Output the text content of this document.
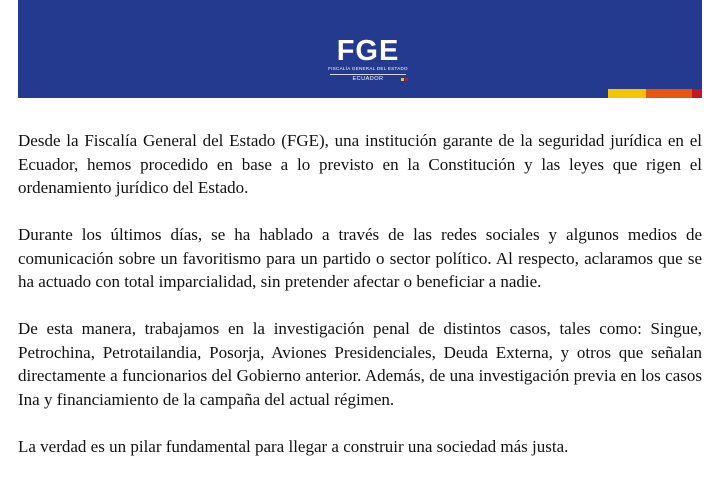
FGE
FISCALÍA GENERAL DEL ESTADO
ECUADOR

Desde la Fiscalía General del Estado (FGE), una institución garante de la seguridad jurídica en el Ecuador, hemos procedido en base a lo previsto en la Constitución y las leyes que rigen el ordenamiento jurídico del Estado.

Durante los últimos días, se ha hablado a través de las redes sociales y algunos medios de comunicación sobre un favoritismo para un partido o sector político. Al respecto, aclaramos que se ha actuado con total imparcialidad, sin pretender afectar o beneficiar a nadie.

De esta manera, trabajamos en la investigación penal de distintos casos, tales como: Singue, Petrochina, Petrotailandia, Posorja, Aviones Presidenciales, Deuda Externa, y otros que señalan directamente a funcionarios del Gobierno anterior. Además, de una investigación previa en los casos Ina y financiamiento de la campaña del actual régimen.

La verdad es un pilar fundamental para llegar a construir una sociedad más justa.
